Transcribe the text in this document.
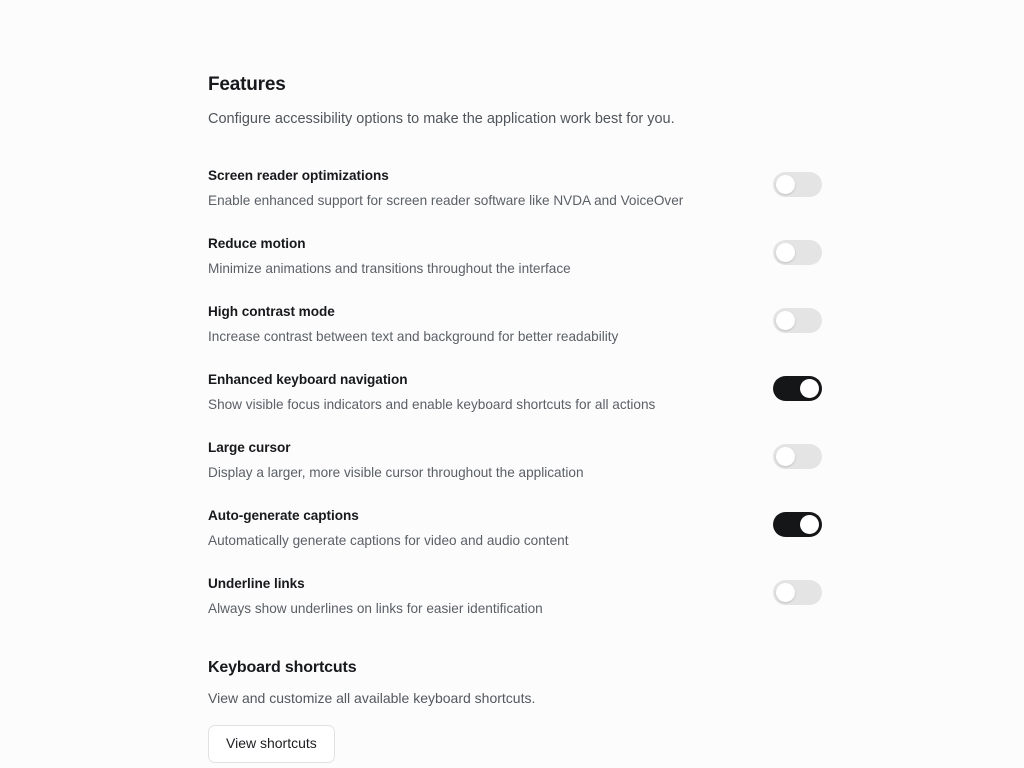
Features

Configure accessibility options to make the application work best for you.

Screen reader optimizations
Enable enhanced support for screen reader software like NVDA and VoiceOver
Reduce motion
Minimize animations and transitions throughout the interface
High contrast mode
Increase contrast between text and background for better readability
Enhanced keyboard navigation
Show visible focus indicators and enable keyboard shortcuts for all actions
Large cursor
Display a larger, more visible cursor throughout the application
Auto-generate captions
Automatically generate captions for video and audio content
Underline links
Always show underlines on links for easier identification
Keyboard shortcuts

View and customize all available keyboard shortcuts.

View shortcuts
